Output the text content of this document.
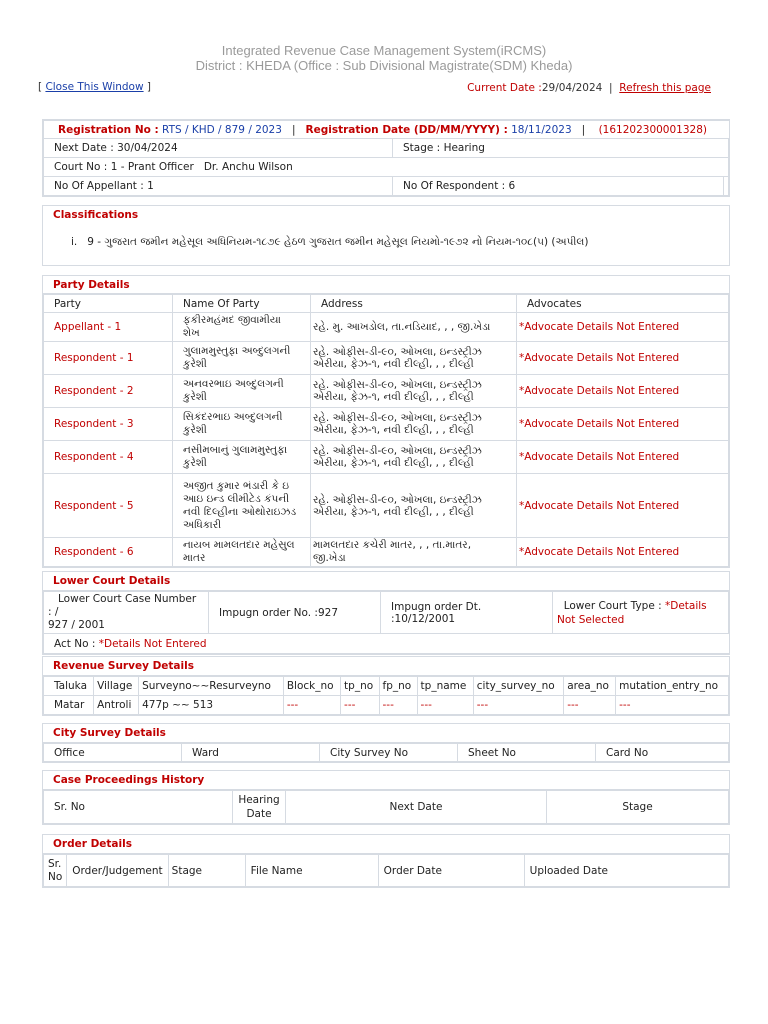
Integrated Revenue Case Management System(iRCMS)
District : KHEDA (Office : Sub Divisional Magistrate(SDM) Kheda)
[ Close This Window ]	Current Date :29/04/2024 | Refresh this page
Registration No : RTS / KHD / 879 / 2023 | Registration Date (DD/MM/YYYY) : 18/11/2023 | (161202300001328)		
Next Date : 30/04/2024	Stage : Hearing	
Court No : 1 - Prant Officer Dr. Anchu Wilson		
No Of Appellant : 1	No Of Respondent : 6	
Classifications
i. 9 - ગુજરાત જમીન મહેસૂલ અધિનિયમ-૧૮૭૯ હેઠળ ગુજરાત જમીન મહેસૂલ નિયમો-૧૯૭૨ નો નિયમ-૧૦૮(૫) (અપીલ)
Party Details
Party	Name Of Party	Address	Advocates
Appellant - 1	ફકીરમહંમદ જીવામીયા શેખ	રહે. મુ. આખડોલ, તા.નડિયાદ, , , જી.ખેડા	*Advocate Details Not Entered
Respondent - 1	ગુલામમુસ્તુફા અબ્દુલગની કુરેશી	રહે. ઓફીસ-ડી-૯૦, ઓખલા, ઇન્ડસ્ટ્રીઝ એરીયા, ફેઝ-૧, નવી દીલ્હી, , , દીલ્હી	*Advocate Details Not Entered
Respondent - 2	અનવરભાઇ અબ્દુલગની કુરેશી	રહે. ઓફીસ-ડી-૯૦, ઓખલા, ઇન્ડસ્ટ્રીઝ એરીયા, ફેઝ-૧, નવી દીલ્હી, , , દીલ્હી	*Advocate Details Not Entered
Respondent - 3	સિકંદરભાઇ અબ્દુલગની કુરેશી	રહે. ઓફીસ-ડી-૯૦, ઓખલા, ઇન્ડસ્ટ્રીઝ એરીયા, ફેઝ-૧, નવી દીલ્હી, , , દીલ્હી	*Advocate Details Not Entered
Respondent - 4	નસીમબાનું ગુલામમુસ્તુફા કુરેશી	રહે. ઓફીસ-ડી-૯૦, ઓખલા, ઇન્ડસ્ટ્રીઝ એરીયા, ફેઝ-૧, નવી દીલ્હી, , , દીલ્હી	*Advocate Details Not Entered
Respondent - 5	અજીત કુમાર ભંડારી કે ઇ આઇ ઇન્ડ લીમીટેડ કંપની નવી દિલ્હીના ઓથોરાઇઝડ અધિકારી	રહે. ઓફીસ-ડી-૯૦, ઓખલા, ઇન્ડસ્ટ્રીઝ એરીયા, ફેઝ-૧, નવી દીલ્હી, , , દીલ્હી	*Advocate Details Not Entered
Respondent - 6	નાયબ મામલતદાર મહેસુલ માતર	મામલતદાર કચેરી માતર, , , તા.માતર, જી.ખેડા	*Advocate Details Not Entered
Lower Court Details
Lower Court Case Number : /
927 / 2001	Impugn order No. :927	Impugn order Dt. :10/12/2001	Lower Court Type : *Details Not Selected
Act No : *Details Not Entered
Revenue Survey Details
Taluka	Village	Surveyno~~Resurveyno	Block_no	tp_no	fp_no	tp_name	city_survey_no	area_no	mutation_entry_no
Matar	Antroli	477p ~~ 513	---	---	---	---	---	---	---
City Survey Details
Office	Ward	City Survey No	Sheet No	Card No
Case Proceedings History
Sr. No	Hearing Date	Next Date	Stage
Order Details
Sr. No	Order/Judgement	Stage	File Name	Order Date	Uploaded Date
